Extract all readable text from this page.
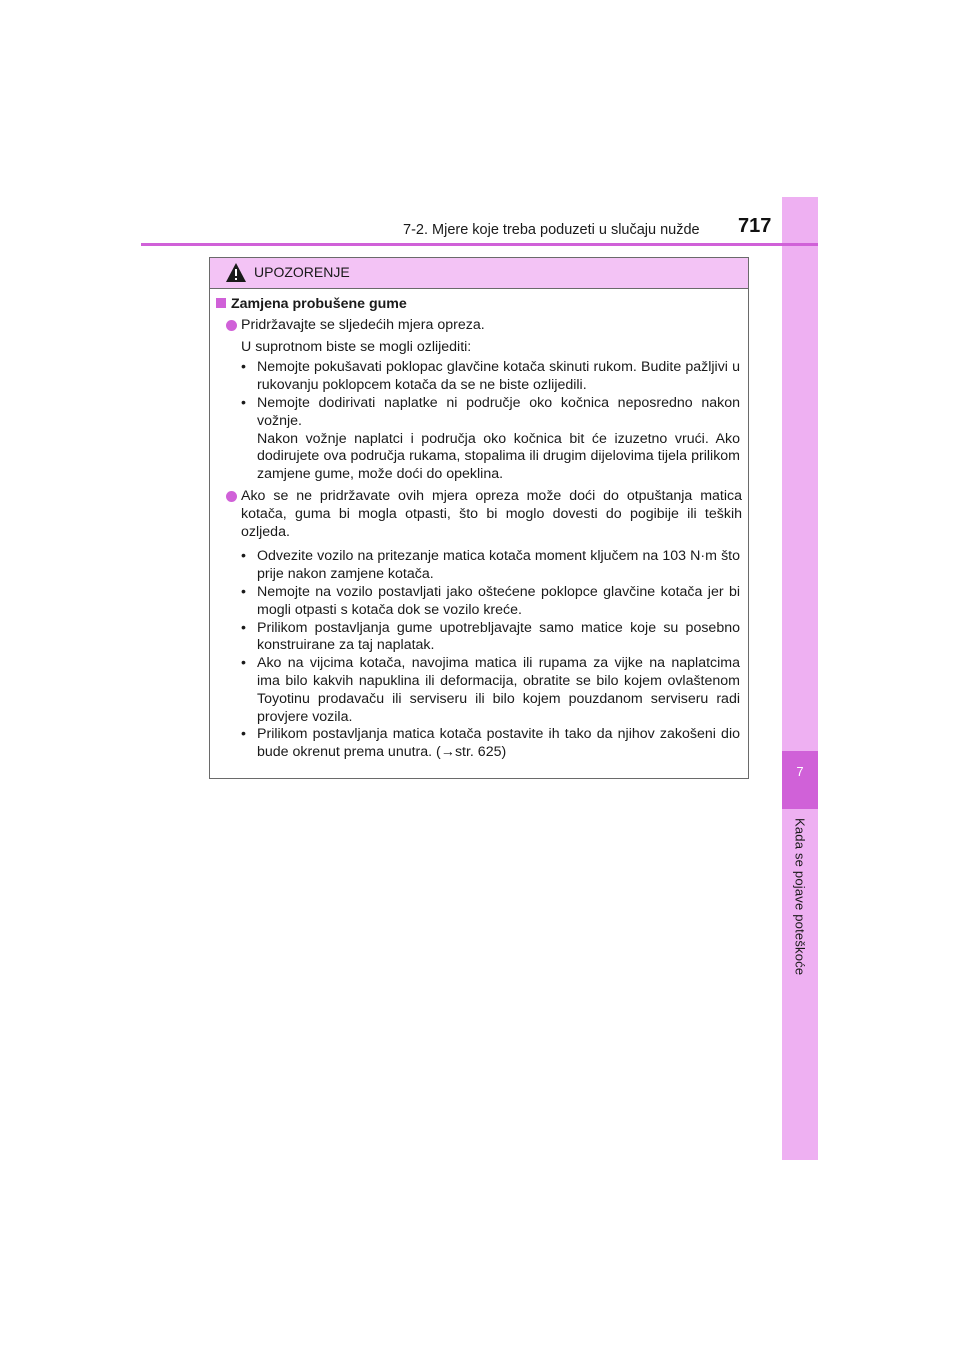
7
Kada se pojave poteškoće
7-2. Mjere koje treba poduzeti u slučaju nužde 717
UPOZORENJE
Zamjena probušene gume
Pridržavajte se sljedećih mjera opreza.
U suprotnom biste se mogli ozlijediti:
• Nemojte pokušavati poklopac glavčine kotača skinuti rukom. Budite pažljivi u rukovanju poklopcem kotača da se ne biste ozlijedili.
• Nemojte dodirivati naplatke ni područje oko kočnica neposredno nakon vožnje.
Nakon vožnje naplatci i područja oko kočnica bit će izuzetno vrući. Ako dodirujete ova područja rukama, stopalima ili drugim dijelovima tijela prilikom zamjene gume, može doći do opeklina.
Ako se ne pridržavate ovih mjera opreza može doći do otpuštanja matica kotača, guma bi mogla otpasti, što bi moglo dovesti do pogibije ili teških ozljeda.
• Odvezite vozilo na pritezanje matica kotača moment ključem na 103 N·m što prije nakon zamjene kotača.
• Nemojte na vozilo postavljati jako oštećene poklopce glavčine kotača jer bi mogli otpasti s kotača dok se vozilo kreće.
• Prilikom postavljanja gume upotrebljavajte samo matice koje su posebno konstruirane za taj naplatak.
• Ako na vijcima kotača, navojima matica ili rupama za vijke na naplatcima ima bilo kakvih napuklina ili deformacija, obratite se bilo kojem ovlaštenom Toyotinu prodavaču ili serviseru ili bilo kojem pouzdanom serviseru radi provjere vozila.
• Prilikom postavljanja matica kotača postavite ih tako da njihov zakošeni dio bude okrenut prema unutra. (→str. 625)
